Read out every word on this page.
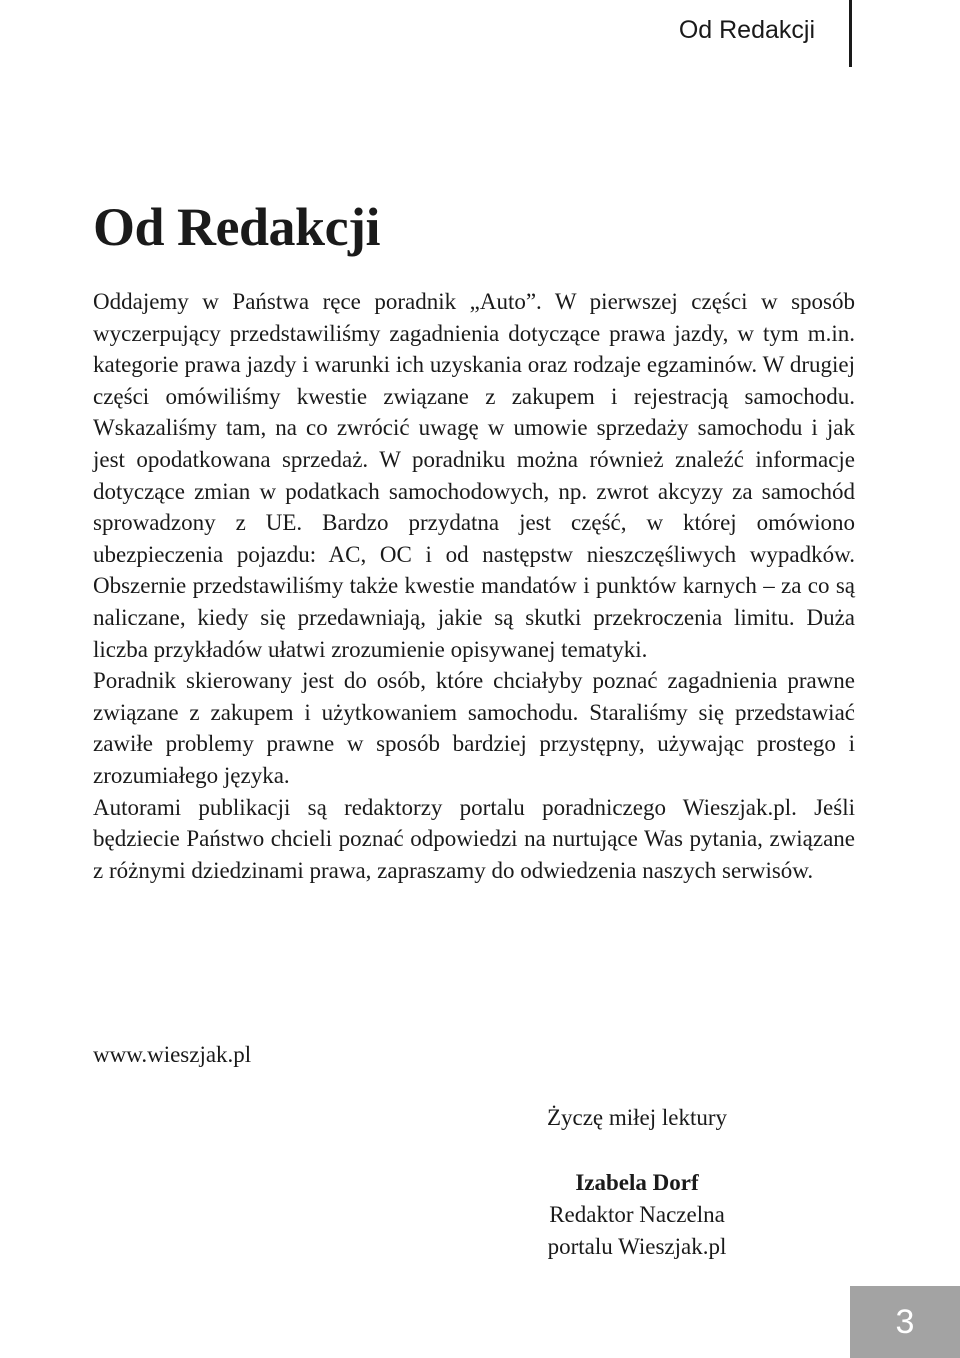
Od Redakcji
Od Redakcji

Oddajemy w Państwa ręce poradnik „Auto”. W pierwszej części w sposób wyczerpujący przedstawiliśmy zagadnienia dotyczące prawa jazdy, w tym m.in. kategorie prawa jazdy i warunki ich uzyskania oraz rodzaje egzaminów. W drugiej części omówiliśmy kwestie związane z zakupem i rejestracją samochodu. Wskazaliśmy tam, na co zwrócić uwagę w umowie sprzedaży samochodu i jak jest opodatkowana sprzedaż. W poradniku można również znaleźć informacje dotyczące zmian w podatkach samochodowych, np. zwrot akcyzy za samochód sprowadzony z UE. Bardzo przydatna jest część, w której omówiono ubezpieczenia pojazdu: AC, OC i od następstw nieszczęśliwych wypadków. Obszernie przedstawiliśmy także kwestie mandatów i punktów karnych – za co są naliczane, kiedy się przedawniają, jakie są skutki przekroczenia limitu. Duża liczba przykładów ułatwi zrozumienie opisywanej tematyki.

Poradnik skierowany jest do osób, które chciałyby poznać zagadnienia prawne związane z zakupem i użytkowaniem samochodu. Staraliśmy się przedstawiać zawiłe problemy prawne w sposób bardziej przystępny, używając prostego i zrozumiałego języka.

Autorami publikacji są redaktorzy portalu poradniczego Wieszjak.pl. Jeśli będziecie Państwo chcieli poznać odpowiedzi na nurtujące Was pytania, związane z różnymi dziedzinami prawa, zapraszamy do odwiedzenia naszych serwisów.

www.wieszjak.pl

Życzę miłej lektury
Izabela Dorf
Redaktor Naczelna
portalu Wieszjak.pl
3
